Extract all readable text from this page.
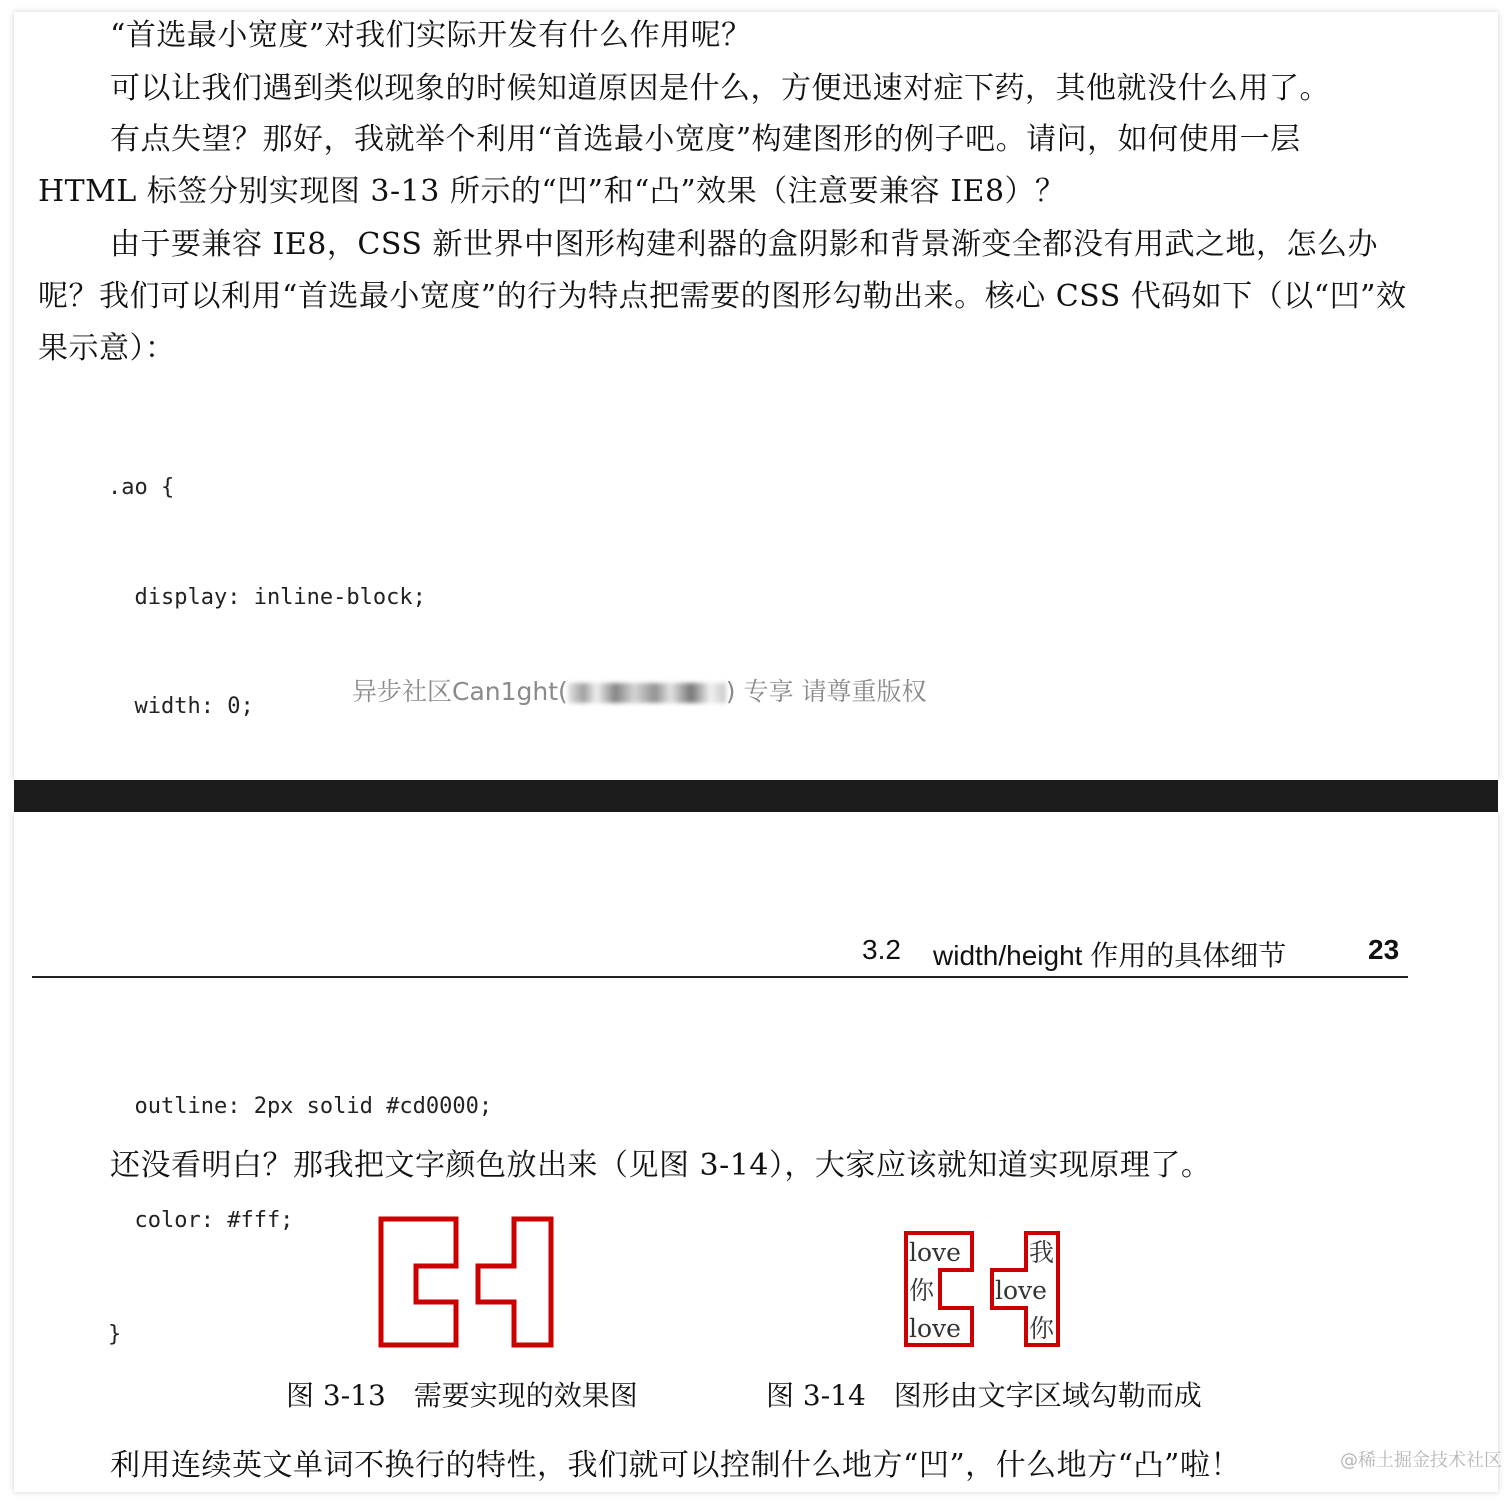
“首选最小宽度”对我们实际开发有什么作用呢？
可以让我们遇到类似现象的时候知道原因是什么，方便迅速对症下药，其他就没什么用了。
有点失望？那好，我就举个利用“首选最小宽度”构建图形的例子吧。请问，如何使用一层 HTML 标签分别实现图 3-13 所示的“凹”和“凸”效果（注意要兼容 IE8）？
由于要兼容 IE8，CSS 新世界中图形构建利器的盒阴影和背景渐变全都没有用武之地，怎么办呢？我们可以利用“首选最小宽度”的行为特点把需要的图形勾勒出来。核心 CSS 代码如下（以“凹”效果示意）：

.ao {

display: inline-block;

width: 0;

异步社区Can1ght(	) 专享 请尊重版权
3.2 width/height 作用的具体细节	23

outline: 2px solid #cd0000;

color: #fff;

}

还没看明白？那我把文字颜色放出来（见图 3-14），大家应该就知道实现原理了。
图 3-13　需要实现的效果图
love
你
love
我
love
你
图 3-14　图形由文字区域勾勒而成
利用连续英文单词不换行的特性，我们就可以控制什么地方“凹”，什么地方“凸”啦！	@稀土掘金技术社区
